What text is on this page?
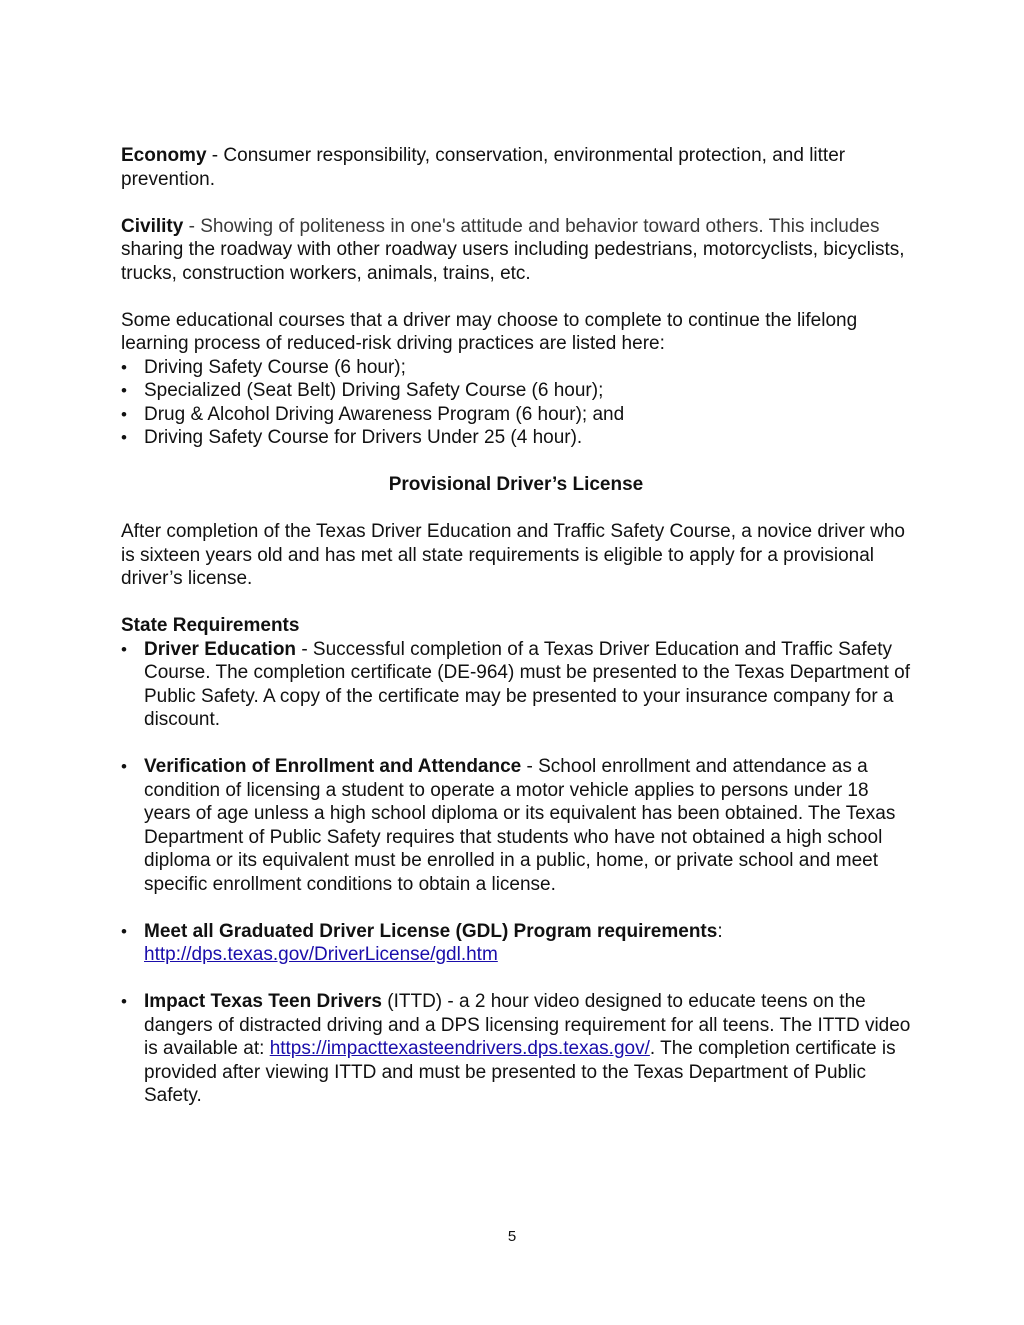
Economy - Consumer responsibility, conservation, environmental protection, and litter prevention.

Civility - Showing of politeness in one's attitude and behavior toward others. This includes sharing the roadway with other roadway users including pedestrians, motorcyclists, bicyclists, trucks, construction workers, animals, trains, etc.

Some educational courses that a driver may choose to complete to continue the lifelong learning process of reduced-risk driving practices are listed here:

• Driving Safety Course (6 hour);
• Specialized (Seat Belt) Driving Safety Course (6 hour);
• Drug & Alcohol Driving Awareness Program (6 hour); and
• Driving Safety Course for Drivers Under 25 (4 hour).

Provisional Driver’s License

After completion of the Texas Driver Education and Traffic Safety Course, a novice driver who is sixteen years old and has met all state requirements is eligible to apply for a provisional driver’s license.

State Requirements

• Driver Education - Successful completion of a Texas Driver Education and Traffic Safety Course. The completion certificate (DE-964) must be presented to the Texas Department of Public Safety. A copy of the certificate may be presented to your insurance company for a discount.
• Verification of Enrollment and Attendance - School enrollment and attendance as a condition of licensing a student to operate a motor vehicle applies to persons under 18 years of age unless a high school diploma or its equivalent has been obtained. The Texas Department of Public Safety requires that students who have not obtained a high school diploma or its equivalent must be enrolled in a public, home, or private school and meet specific enrollment conditions to obtain a license.
• Meet all Graduated Driver License (GDL) Program requirements:
http://dps.texas.gov/DriverLicense/gdl.htm
• Impact Texas Teen Drivers (ITTD) - a 2 hour video designed to educate teens on the dangers of distracted driving and a DPS licensing requirement for all teens. The ITTD video is available at: https://impacttexasteendrivers.dps.texas.gov/. The completion certificate is provided after viewing ITTD and must be presented to the Texas Department of Public Safety.
5
